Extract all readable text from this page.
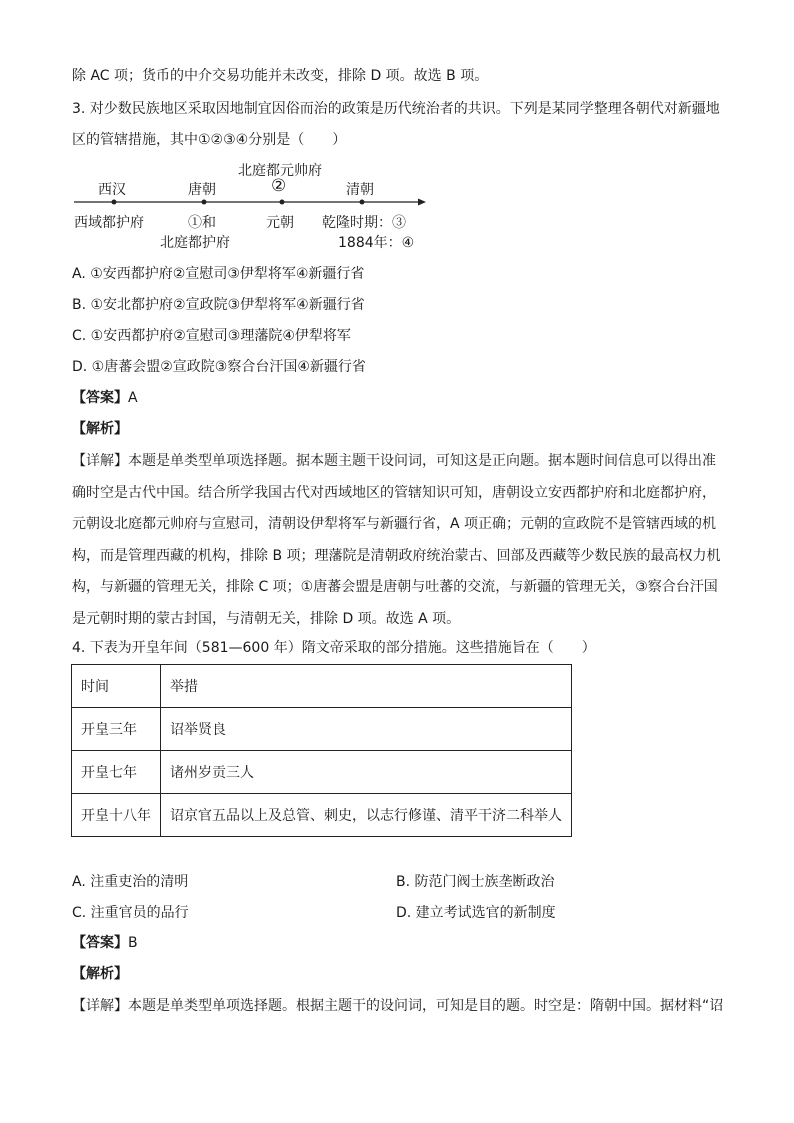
除 AC 项；货币的中介交易功能并未改变，排除 D 项。故选 B 项。
3. 对少数民族地区采取因地制宜因俗而治的政策是历代统治者的共识。下列是某同学整理各朝代对新疆地
区的管辖措施，其中①②③④分别是（　　）
北庭都元帅府
西汉	唐朝	②	清朝
西域都护府	①和
北庭都护府
元朝 乾隆时期：③
1884年：④
A. ①安西都护府②宣慰司③伊犁将军④新疆行省
B. ①安北都护府②宣政院③伊犁将军④新疆行省
C. ①安西都护府②宣慰司③理藩院④伊犁将军
D. ①唐蕃会盟②宣政院③察合台汗国④新疆行省
【答案】A
【解析】
【详解】本题是单类型单项选择题。据本题主题干设问词，可知这是正向题。据本题时间信息可以得出准
确时空是古代中国。结合所学我国古代对西域地区的管辖知识可知，唐朝设立安西都护府和北庭都护府，
元朝设北庭都元帅府与宣慰司，清朝设伊犁将军与新疆行省，A 项正确；元朝的宣政院不是管辖西域的机
构，而是管理西藏的机构，排除 B 项；理藩院是清朝政府统治蒙古、回部及西藏等少数民族的最高权力机
构，与新疆的管理无关，排除 C 项；①唐蕃会盟是唐朝与吐蕃的交流，与新疆的管理无关，③察合台汗国
是元朝时期的蒙古封国，与清朝无关，排除 D 项。故选 A 项。
4. 下表为开皇年间（581—600 年）隋文帝采取的部分措施。这些措施旨在（　　）
时间	举措
开皇三年	诏举贤良
开皇七年	诸州岁贡三人
开皇十八年	诏京官五品以上及总管、刺史，以志行修谨、清平干济二科举人
A. 注重吏治的清明	B. 防范门阀士族垄断政治
C. 注重官员的品行	D. 建立考试选官的新制度
【答案】B
【解析】
【详解】本题是单类型单项选择题。根据主题干的设问词，可知是目的题。时空是：隋朝中国。据材料“诏
